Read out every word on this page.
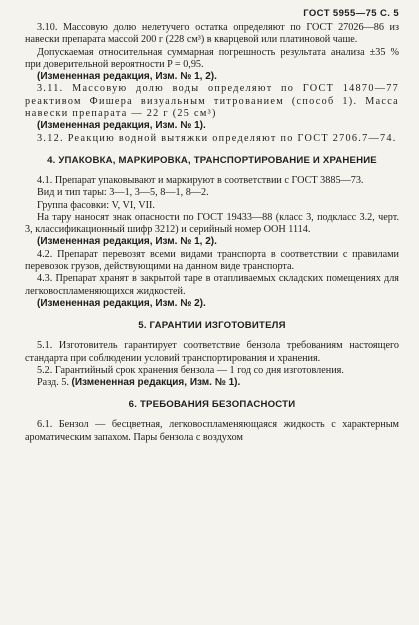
ГОСТ 5955—75 С. 5

3.10. Массовую долю нелетучего остатка определяют по ГОСТ 27026—86 из навески препарата массой 200 г (228 см³) в кварцевой или платиновой чаше.

Допускаемая относительная суммарная погрешность результата анализа ±35 % при доверительной вероятности P = 0,95.

(Измененная редакция, Изм. № 1, 2).

3.11. Массовую долю воды определяют по ГОСТ 14870—77 реактивом Фишера визуальным титрованием (способ 1). Масса навески препарата — 22 г (25 см³)

(Измененная редакция, Изм. № 1).

3.12. Реакцию водной вытяжки определяют по ГОСТ 2706.7—74.

4. УПАКОВКА, МАРКИРОВКА, ТРАНСПОРТИРОВАНИЕ И ХРАНЕНИЕ

4.1. Препарат упаковывают и маркируют в соответствии с ГОСТ 3885—73.

Вид и тип тары: 3—1, 3—5, 8—1, 8—2.

Группа фасовки: V, VI, VII.

На тару наносят знак опасности по ГОСТ 19433—88 (класс 3, подкласс 3.2, черт. 3, классификационный шифр 3212) и серийный номер ООН 1114.

(Измененная редакция, Изм. № 1, 2).

4.2. Препарат перевозят всеми видами транспорта в соответствии с правилами перевозок грузов, действующими на данном виде транспорта.

4.3. Препарат хранят в закрытой таре в отапливаемых складских помещениях для легковоспламеняющихся жидкостей.

(Измененная редакция, Изм. № 2).

5. ГАРАНТИИ ИЗГОТОВИТЕЛЯ

5.1. Изготовитель гарантирует соответствие бензола требованиям настоящего стандарта при соблюдении условий транспортирования и хранения.

5.2. Гарантийный срок хранения бензола — 1 год со дня изготовления.

Разд. 5. (Измененная редакция, Изм. № 1).

6. ТРЕБОВАНИЯ БЕЗОПАСНОСТИ

6.1. Бензол — бесцветная, легковоспламеняющаяся жидкость с характерным ароматическим запахом. Пары бензола с воздухом
